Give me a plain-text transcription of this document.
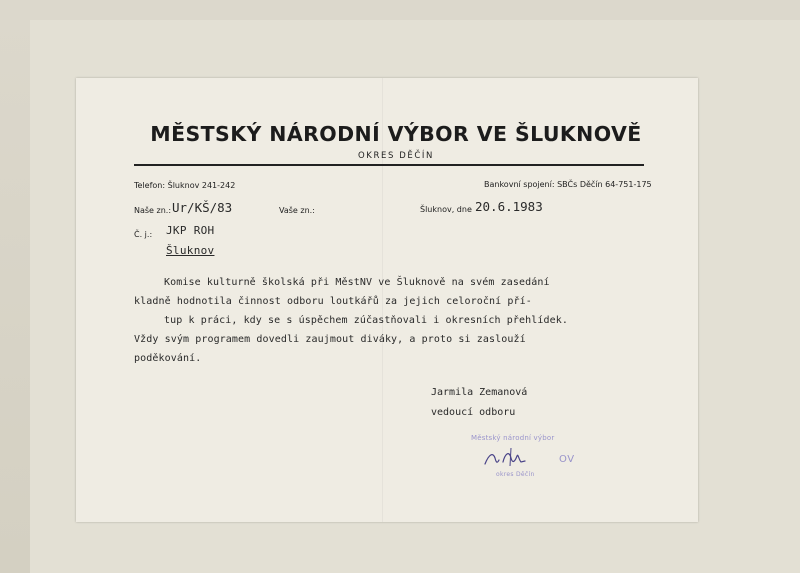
MĚSTSKÝ NÁRODNÍ VÝBOR VE ŠLUKNOVĚ
OKRES DĚČÍN
Telefon: Šluknov 241-242	Bankovní spojení: SBČs Děčín 64-751-175
Naše zn.: Ur/KŠ/83	Vaše zn.:	Šluknov, dne 20.6.1983
Č. j.: JKP ROH
Šluknov
Komise kulturně školská při MěstNV ve Šluknově na svém zasedání
kladně hodnotila činnost odboru loutkářů za jejich celoroční pří-
tup k práci, kdy se s úspěchem zúčastňovali i okresních přehlídek.
Vždy svým programem dovedli zaujmout diváky, a proto si zaslouží
poděkování.
Jarmila Zemanová
vedoucí odboru
Městský národní výbor
OV
okres Děčín
